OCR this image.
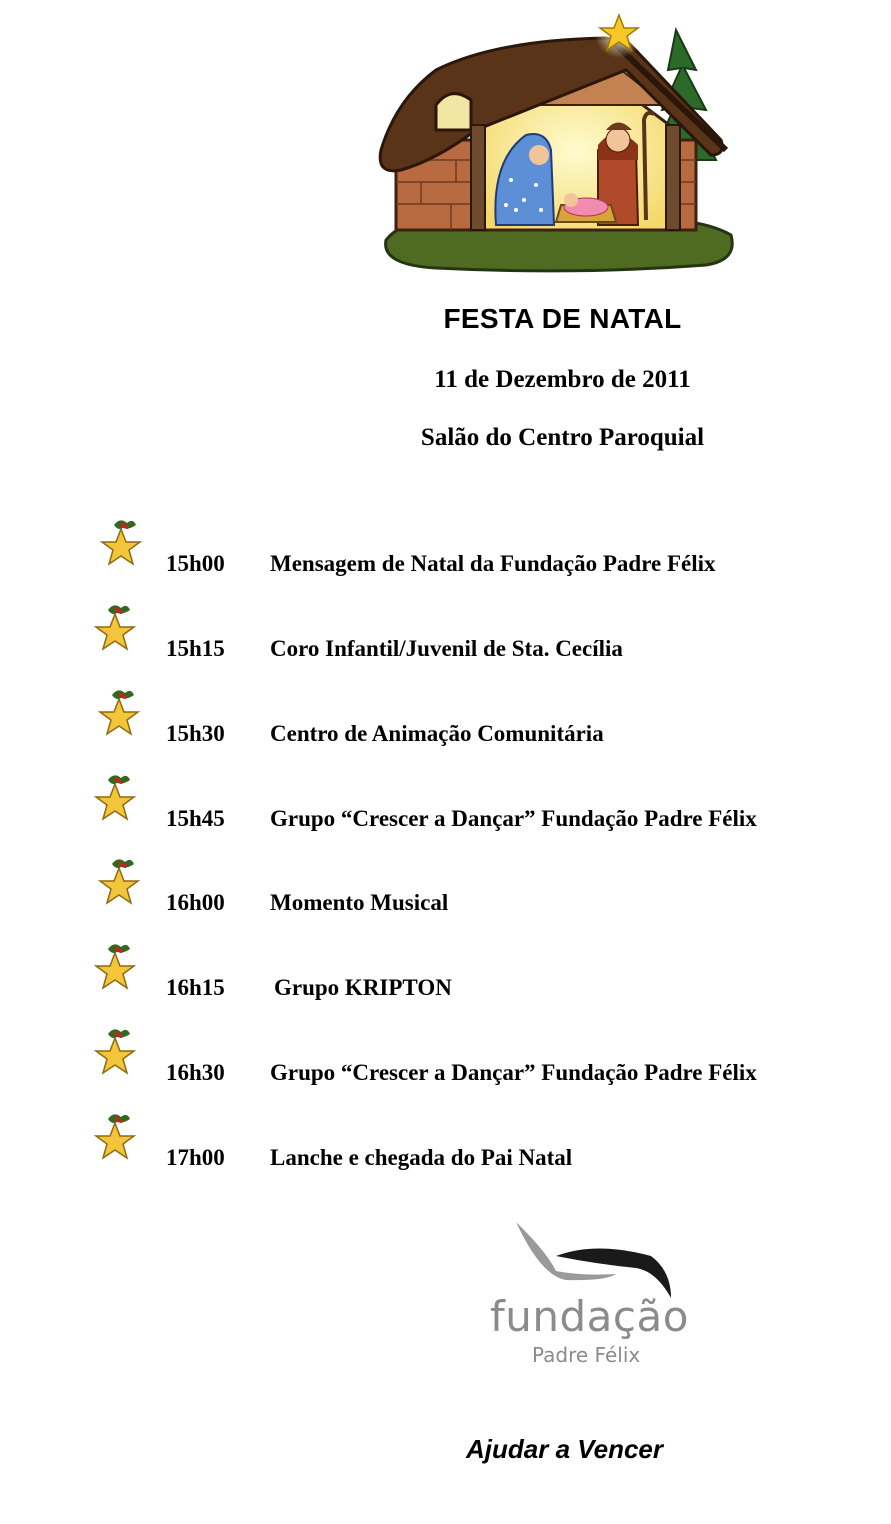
FESTA DE NATAL
11 de Dezembro de 2011
Salão do Centro Paroquial
15h00 Mensagem de Natal da Fundação Padre Félix
15h15 Coro Infantil/Juvenil de Sta. Cecília
15h30 Centro de Animação Comunitária
15h45 Grupo “Crescer a Dançar” Fundação Padre Félix
16h00 Momento Musical
16h15 Grupo KRIPTON
16h30 Grupo “Crescer a Dançar” Fundação Padre Félix
17h00 Lanche e chegada do Pai Natal
fundação
Padre Félix
Ajudar a Vencer
